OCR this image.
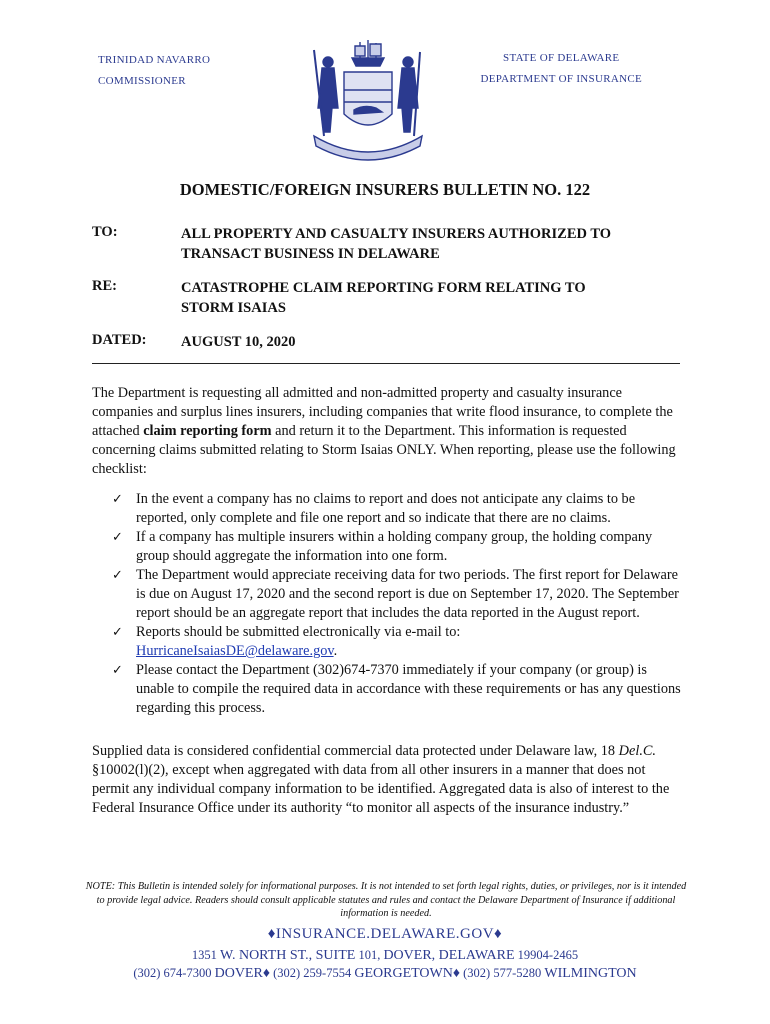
TRINIDAD NAVARRO
COMMISSIONER
STATE OF DELAWARE
DEPARTMENT OF INSURANCE
DOMESTIC/FOREIGN INSURERS BULLETIN NO. 122
TO:	ALL PROPERTY AND CASUALTY INSURERS AUTHORIZED TO
TRANSACT BUSINESS IN DELAWARE
RE:	CATASTROPHE CLAIM REPORTING FORM RELATING TO
STORM ISAIAS
DATED: AUGUST 10, 2020
The Department is requesting all admitted and non-admitted property and casualty insurance companies and surplus lines insurers, including companies that write flood insurance, to complete the attached claim reporting form and return it to the Department. This information is requested concerning claims submitted relating to Storm Isaias ONLY. When reporting, please use the following checklist:
✓ In the event a company has no claims to report and does not anticipate any claims to be reported, only complete and file one report and so indicate that there are no claims.
✓ If a company has multiple insurers within a holding company group, the holding company group should aggregate the information into one form.
✓ The Department would appreciate receiving data for two periods. The first report for Delaware is due on August 17, 2020 and the second report is due on September 17, 2020. The September report should be an aggregate report that includes the data reported in the August report.
✓ Reports should be submitted electronically via e-mail to:
HurricaneIsaiasDE@delaware.gov.
✓ Please contact the Department (302)674-7370 immediately if your company (or group) is unable to compile the required data in accordance with these requirements or has any questions regarding this process.
Supplied data is considered confidential commercial data protected under Delaware law, 18 Del.C. §10002(l)(2), except when aggregated with data from all other insurers in a manner that does not permit any individual company information to be identified. Aggregated data is also of interest to the Federal Insurance Office under its authority “to monitor all aspects of the insurance industry.”
NOTE: This Bulletin is intended solely for informational purposes. It is not intended to set forth legal rights, duties, or privileges, nor is it intended to provide legal advice. Readers should consult applicable statutes and rules and contact the Delaware Department of Insurance if additional information is needed.
♦INSURANCE.DELAWARE.GOV♦
1351 W. NORTH ST., SUITE 101, DOVER, DELAWARE 19904-2465
(302) 674-7300 DOVER♦ (302) 259-7554 GEORGETOWN♦ (302) 577-5280 WILMINGTON
